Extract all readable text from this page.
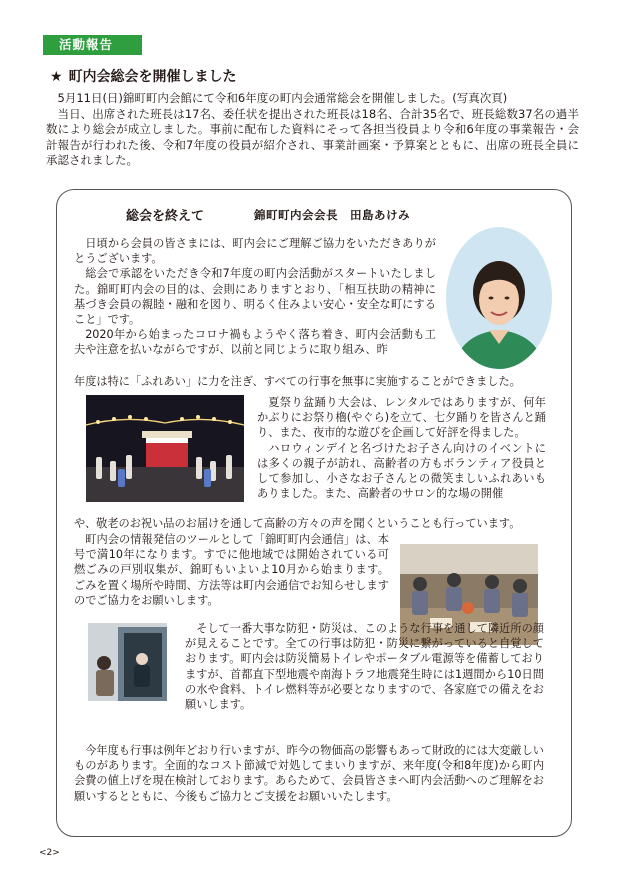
活動報告
★ 町内会総会を開催しました

5月11日(日)錦町町内会館にて令和6年度の町内会通常総会を開催しました。(写真次頁)

当日、出席された班長は17名、委任状を提出された班長は18名、合計35名で、班長総数37名の過半数により総会が成立しました。事前に配布した資料にそって各担当役員より令和6年度の事業報告・会計報告が行われた後、令和7年度の役員が紹介され、事業計画案・予算案とともに、出席の班長全員に承認されました。

総会を終えて	錦町町内会会長　田島あけみ

日頃から会員の皆さまには、町内会にご理解ご協力をいただきありがとうございます。

総会で承認をいただき令和7年度の町内会活動がスタートいたしました。錦町町内会の目的は、会則にありますとおり、「相互扶助の精神に基づき会員の親睦・融和を図り、明るく住みよい安心・安全な町にすること」です。

2020年から始まったコロナ禍もようやく落ち着き、町内会活動も工夫や注意を払いながらですが、以前と同じように取り組み、昨

年度は特に「ふれあい」に力を注ぎ、すべての行事を無事に実施することができました。

夏祭り盆踊り大会は、レンタルではありますが、何年かぶりにお祭り櫓(やぐら)を立て、七夕踊りを皆さんと踊り、また、夜市的な遊びを企画して好評を得ました。

ハロウィンデイと名づけたお子さん向けのイベントには多くの親子が訪れ、高齢者の方もボランティア役員として参加し、小さなお子さんとの微笑ましいふれあいもありました。また、高齢者のサロン的な場の開催

や、敬老のお祝い品のお届けを通して高齢の方々の声を聞くということも行っています。

町内会の情報発信のツールとして「錦町町内会通信」は、本号で満10年になります。すでに他地域では開始されている可燃ごみの戸別収集が、錦町もいよいよ10月から始まります。ごみを置く場所や時間、方法等は町内会通信でお知らせしますのでご協力をお願いします。

そして一番大事な防犯・防災は、このような行事を通して隣近所の顔が見えることです。全ての行事は防犯・防災に繋がっていると自覚しております。町内会は防災簡易トイレやポータブル電源等を備蓄しておりますが、首都直下型地震や南海トラフ地震発生時には1週間から10日間の水や食料、トイレ燃料等が必要となりますので、各家庭での備えをお願いします。

今年度も行事は例年どおり行いますが、昨今の物価高の影響もあって財政的には大変厳しいものがあります。全面的なコスト節減で対処してまいりますが、来年度(令和8年度)から町内会費の値上げを現在検討しております。あらためて、会員皆さまへ町内会活動へのご理解をお願いするとともに、今後もご協力とご支援をお願いいたします。

<2>
